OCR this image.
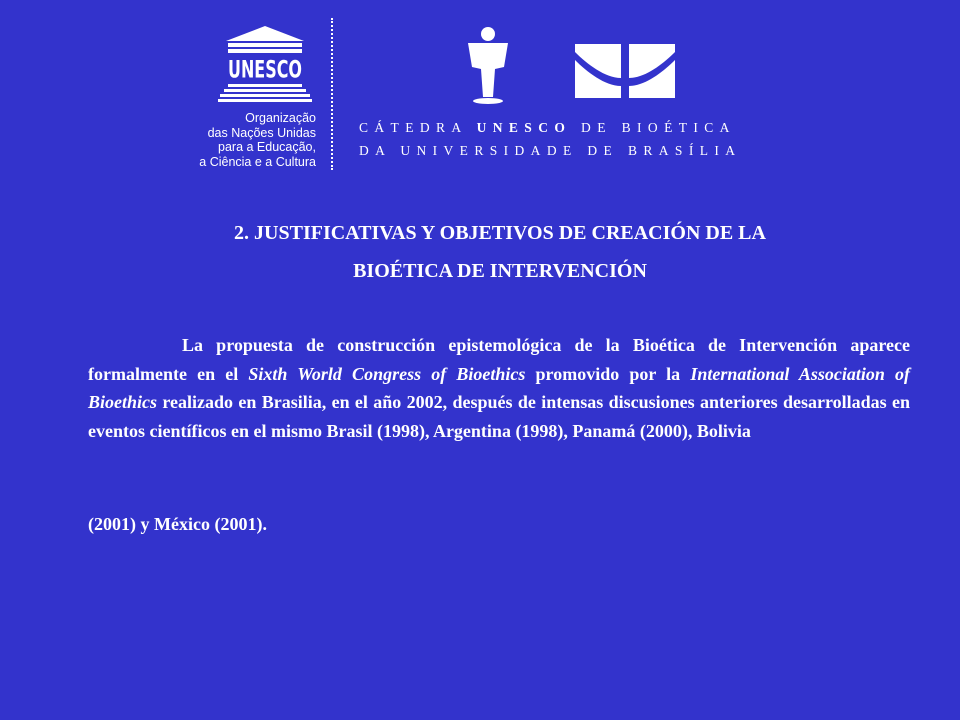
UNESCO
Organização
das Nações Unidas
para a Educação,
a Ciência e a Cultura
CÁTEDRA UNESCO DE BIOÉTICA
DA UNIVERSIDADE DE BRASÍLIA
2. JUSTIFICATIVAS Y OBJETIVOS DE CREACIÓN DE LA
BIOÉTICA DE INTERVENCIÓN

La propuesta de construcción epistemológica de la Bioética de Intervención aparece formalmente en el Sixth World Congress of Bioethics promovido por la International Association of Bioethics realizado en Brasilia, en el año 2002, después de intensas discusiones anteriores desarrolladas en eventos científicos en el mismo Brasil (1998), Argentina (1998), Panamá (2000), Bolivia

(2001) y México (2001).
